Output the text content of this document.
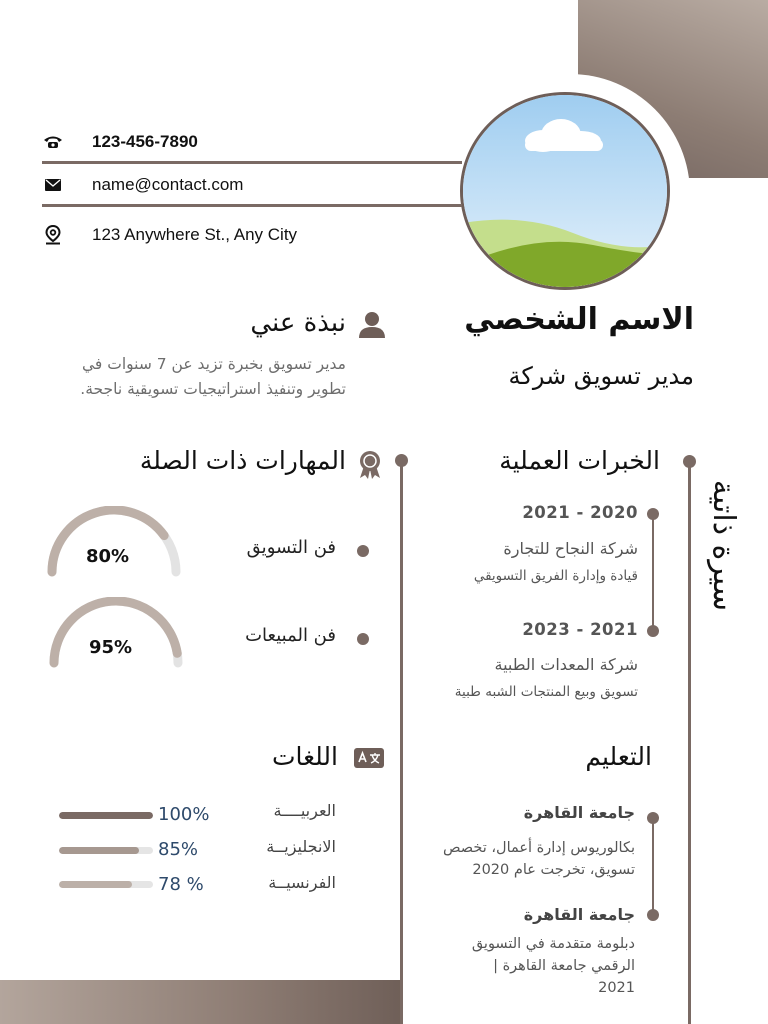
123-456-7890
name@contact.com
123 Anywhere St., Any City
الاسم الشخصي
مدير تسويق شركة
نبذة عني
مدير تسويق بخبرة تزيد عن 7 سنوات في تطوير وتنفيذ استراتيجيات تسويقية ناجحة.
الخبرات العملية
سيرة ذاتية
2021 - 2020
شركة النجاح للتجارة
قيادة وإدارة الفريق التسويقي
2023 - 2021
شركة المعدات الطبية
تسويق وبيع المنتجات الشبه طبية
المهارات ذات الصلة
فن التسويق
فن المبيعات
80%
95%
التعليم
جامعة القاهرة
بكالوريوس إدارة أعمال، تخصص تسويق، تخرجت عام 2020
جامعة القاهرة
دبلومة متقدمة في التسويق الرقمي جامعة القاهرة | 2021
اللغات
العربيــــة
100%
الانجليزيــة
85%
الفرنسيــة
78 %
